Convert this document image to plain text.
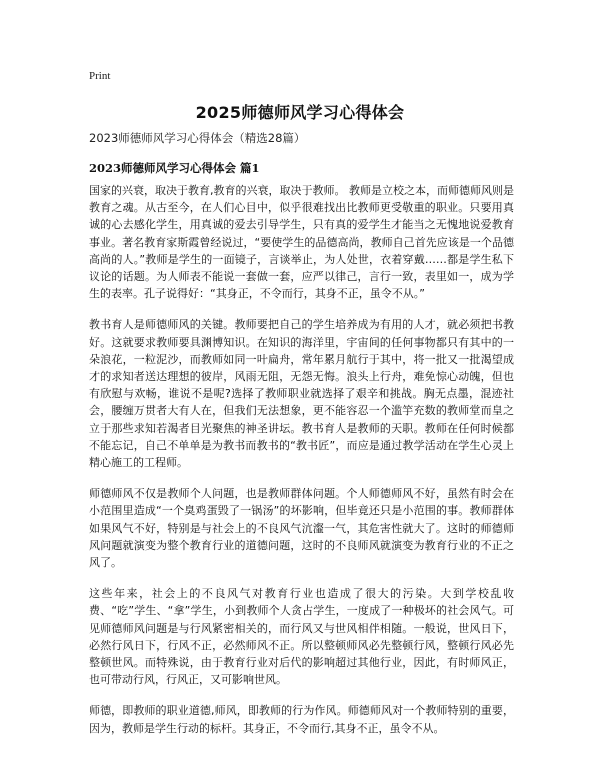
Print
2025师德师风学习心得体会
2023师德师风学习心得体会（精选28篇）
2023师德师风学习心得体会 篇1

国家的兴衰，取决于教育,教育的兴衰，取决于教师。 教师是立校之本，而师德师风则是教育之魂。从古至今，在人们心目中，似乎很难找出比教师更受敬重的职业。只要用真诚的心去感化学生，用真诚的爱去引导学生，只有真的爱学生才能当之无愧地说爱教育事业。著名教育家斯霞曾经说过，“要使学生的品德高尚，教师自己首先应该是一个品德高尚的人。”教师是学生的一面镜子，言谈举止，为人处世，衣着穿戴……都是学生私下议论的话题。为人师表不能说一套做一套，应严以律己，言行一致，表里如一，成为学生的表率。孔子说得好：“其身正，不令而行，其身不正，虽令不从。”

教书育人是师德师风的关键。教师要把自己的学生培养成为有用的人才，就必须把书教好。这就要求教师要具渊博知识。在知识的海洋里，宇宙间的任何事物都只有其中的一朵浪花，一粒泥沙，而教师如同一叶扁舟，常年累月航行于其中，将一批又一批渴望成才的求知者送达理想的彼岸，风雨无阻，无怨无悔。浪头上行舟，难免惊心动魄，但也有欣慰与欢畅，谁说不是呢?选择了教师职业就选择了艰辛和挑战。胸无点墨，混迹社会，腰缠万贯者大有人在，但我们无法想象，更不能容忍一个滥竽充数的教师堂而皇之立于那些求知若渴者目光聚焦的神圣讲坛。教书育人是教师的天职。教师在任何时候都不能忘记，自己不单单是为教书而教书的“教书匠”，而应是通过教学活动在学生心灵上精心施工的工程师。

师德师风不仅是教师个人问题，也是教师群体问题。个人师德师风不好，虽然有时会在小范围里造成“一个臭鸡蛋毁了一锅汤”的坏影响，但毕竟还只是小范围的事。教师群体如果风气不好，特别是与社会上的不良风气沆瀣一气，其危害性就大了。这时的师德师风问题就演变为整个教育行业的道德问题，这时的不良师风就演变为教育行业的不正之风了。

这些年来，社会上的不良风气对教育行业也造成了很大的污染。大到学校乱收费、“吃”学生、“拿”学生，小到教师个人贪占学生，一度成了一种极坏的社会风气。可见师德师风问题是与行风紧密相关的，而行风又与世风相伴相随。一般说，世风日下，必然行风日下，行风不正，必然师风不正。所以整顿师风必先整顿行风，整顿行风必先整顿世风。而特殊说，由于教育行业对后代的影响超过其他行业，因此，有时师风正，也可带动行风，行风正，又可影响世风。

师德，即教师的职业道德,师风，即教师的行为作风。师德师风对一个教师特别的重要，因为，教师是学生行动的标杆。其身正，不令而行,其身不正，虽令不从。
